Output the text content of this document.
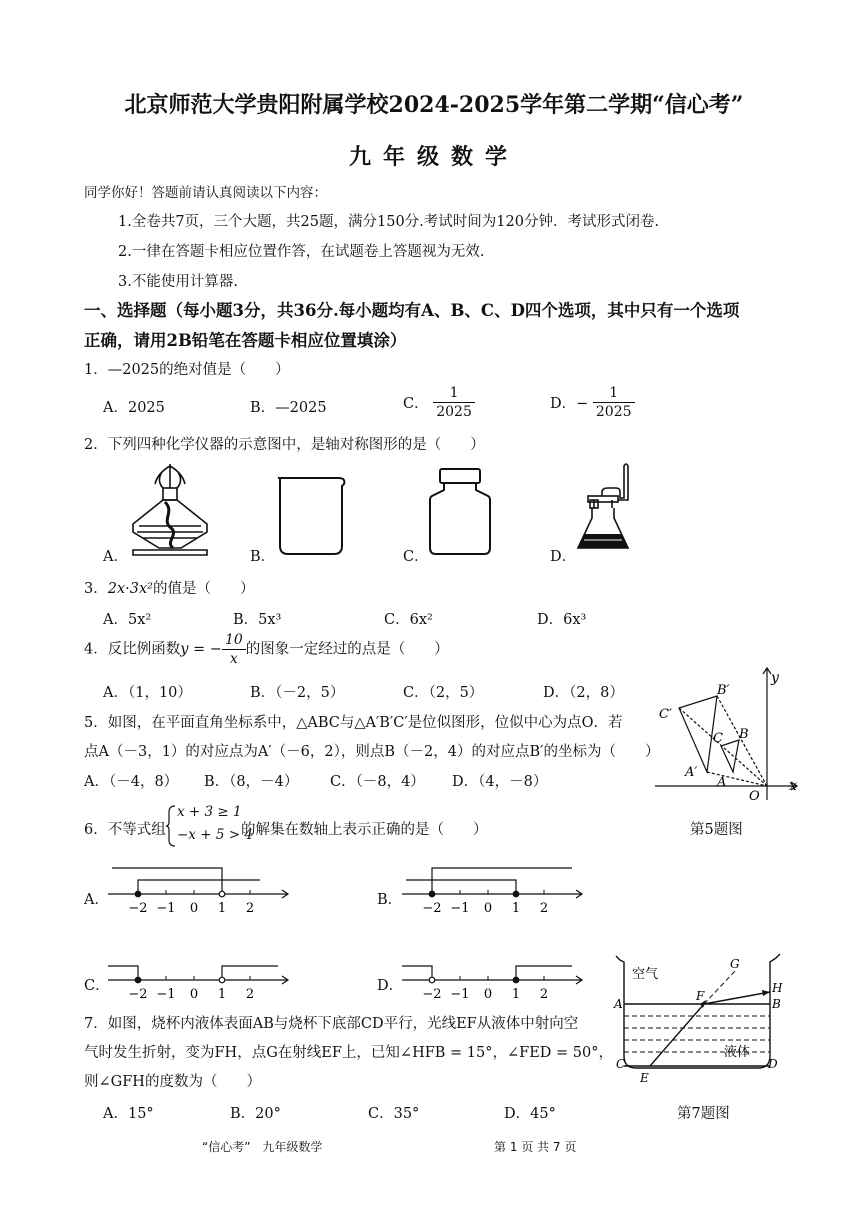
北京师范大学贵阳附属学校2024-2025学年第二学期“信心考”
九年级数学
同学你好！答题前请认真阅读以下内容：
1.全卷共7页，三个大题，共25题，满分150分.考试时间为120分钟．考试形式闭卷.
2.一律在答题卡相应位置作答，在试题卷上答题视为无效.
3.不能使用计算器.
一、选择题（每小题3分，共36分.每小题均有A、B、C、D四个选项，其中只有一个选项
正确，请用2B铅笔在答题卡相应位置填涂）
1．—2025的绝对值是（　　）
A．2025	B．—2025	C． $\frac{1}{2025}$	D．− $\frac{1}{2025}$
2．下列四种化学仪器的示意图中，是轴对称图形的是（　　）
A．	B．	C．	D．
3．2x·3x²的值是（　　）
A．5x²	B．5x³	C．6x²	D．6x³
4．反比例函数y = − $\frac{10}{x}$ 的图象一定经过的点是（　　）
A．（1，10）	B．（－2，5）	C．（2，5）	D．（2，8）
5．如图，在平面直角坐标系中，△ABC与△A′B′C′是位似图形，位似中心为点O．若
点A（－3，1）的对应点为A′（－6，2），则点B（－2，4）的对应点B′的坐标为（　　）
A．（－4，8） B．（8，－4） C．（－8，4） D．（4，－8）
y
x
O
A
B
C
A′
B′
C′
第5题图
6．不等式组
x + 3 ≥ 1
−x + 5 > 4
的解集在数轴上表示正确的是（　　）
A．	B．
C．	D．
−2 −1 0 1 2	−2 −1 0 1 2
−2 −1 0 1 2	−2 −1 0 1 2
7．如图，烧杯内液体表面AB与烧杯下底部CD平行，光线EF从液体中射向空
气时发生折射，变为FH，点G在射线EF上，已知∠HFB = 15°，∠FED = 50°，
则∠GFH的度数为（　　）
A．15°	B．20°	C．35°	D．45°
空气
液体
A	B
C	D
E
F
G
H
第7题图
“信心考”　九年级数学	第 1 页 共 7 页
